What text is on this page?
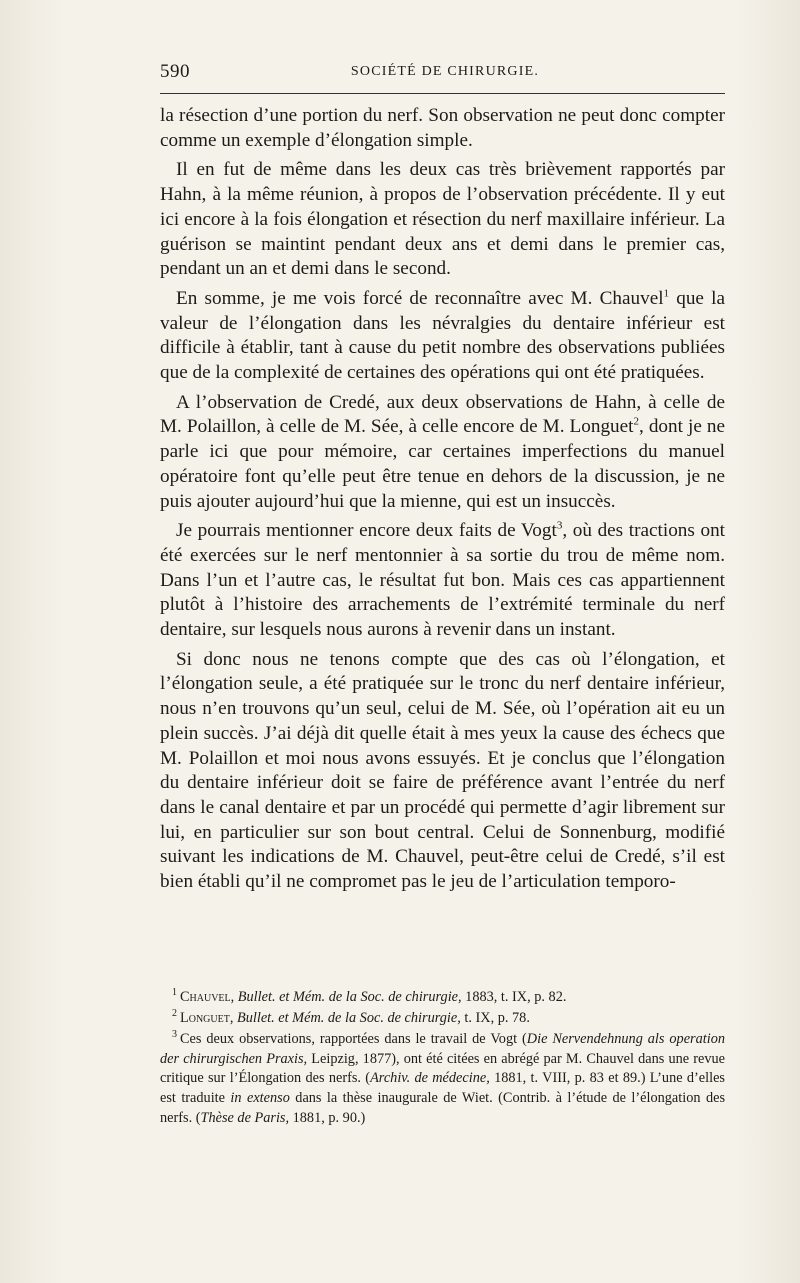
590	SOCIÉTÉ DE CHIRURGIE.

la résection d’une portion du nerf. Son observation ne peut donc compter comme un exemple d’élongation simple.

Il en fut de même dans les deux cas très brièvement rapportés par Hahn, à la même réunion, à propos de l’observation précédente. Il y eut ici encore à la fois élongation et résection du nerf maxillaire inférieur. La guérison se maintint pendant deux ans et demi dans le premier cas, pendant un an et demi dans le second.

En somme, je me vois forcé de reconnaître avec M. Chauvel$^1$ que la valeur de l’élongation dans les névralgies du dentaire inférieur est difficile à établir, tant à cause du petit nombre des observations publiées que de la complexité de certaines des opérations qui ont été pratiquées.

A l’observation de Credé, aux deux observations de Hahn, à celle de M. Polaillon, à celle de M. Sée, à celle encore de M. Longuet$^2$, dont je ne parle ici que pour mémoire, car certaines imperfections du manuel opératoire font qu’elle peut être tenue en dehors de la discussion, je ne puis ajouter aujourd’hui que la mienne, qui est un insuccès.

Je pourrais mentionner encore deux faits de Vogt$^3$, où des tractions ont été exercées sur le nerf mentonnier à sa sortie du trou de même nom. Dans l’un et l’autre cas, le résultat fut bon. Mais ces cas appartiennent plutôt à l’histoire des arrachements de l’extrémité terminale du nerf dentaire, sur lesquels nous aurons à revenir dans un instant.

Si donc nous ne tenons compte que des cas où l’élongation, et l’élongation seule, a été pratiquée sur le tronc du nerf dentaire inférieur, nous n’en trouvons qu’un seul, celui de M. Sée, où l’opération ait eu un plein succès. J’ai déjà dit quelle était à mes yeux la cause des échecs que M. Polaillon et moi nous avons essuyés. Et je conclus que l’élongation du dentaire inférieur doit se faire de préférence avant l’entrée du nerf dans le canal dentaire et par un procédé qui permette d’agir librement sur lui, en particulier sur son bout central. Celui de Sonnenburg, modifié suivant les indications de M. Chauvel, peut-être celui de Credé, s’il est bien établi qu’il ne compromet pas le jeu de l’articulation temporo-

$^1$ Chauvel, Bullet. et Mém. de la Soc. de chirurgie, 1883, t. IX, p. 82.
$^2$ Longuet, Bullet. et Mém. de la Soc. de chirurgie, t. IX, p. 78.
$^3$ Ces deux observations, rapportées dans le travail de Vogt (Die Nervendehnung als operation der chirurgischen Praxis, Leipzig, 1877), ont été citées en abrégé par M. Chauvel dans une revue critique sur l’Élongation des nerfs. (Archiv. de médecine, 1881, t. VIII, p. 83 et 89.) L’une d’elles est traduite in extenso dans la thèse inaugurale de Wiet. (Contrib. à l’étude de l’élongation des nerfs. (Thèse de Paris, 1881, p. 90.)
